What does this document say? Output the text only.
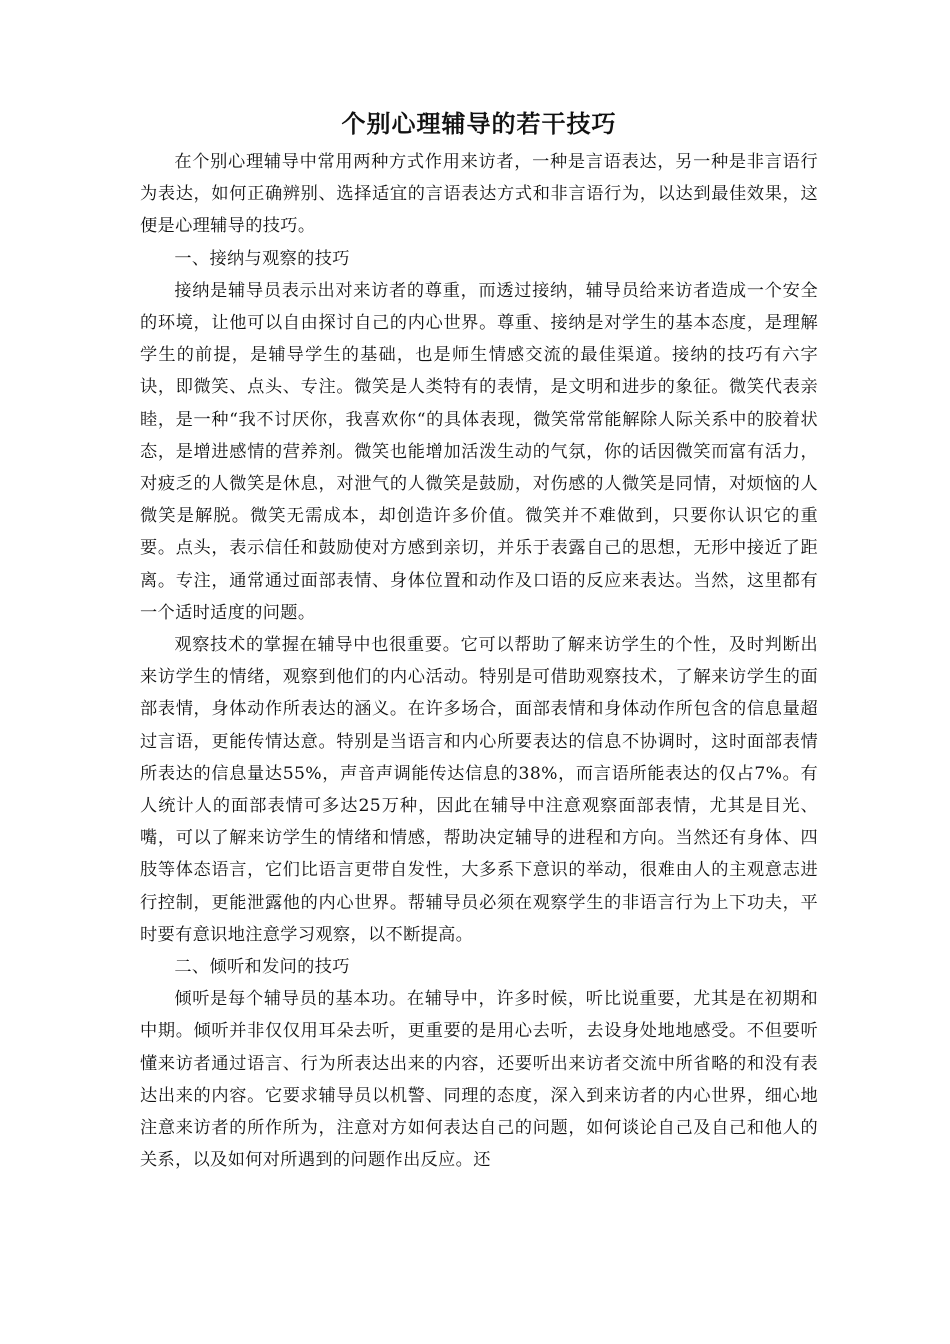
个别心理辅导的若干技巧

在个别心理辅导中常用两种方式作用来访者，一种是言语表达，另一种是非言语行为表达，如何正确辨别、选择适宜的言语表达方式和非言语行为，以达到最佳效果，这便是心理辅导的技巧。

一、接纳与观察的技巧

接纳是辅导员表示出对来访者的尊重，而透过接纳，辅导员给来访者造成一个安全的环境，让他可以自由探讨自己的内心世界。尊重、接纳是对学生的基本态度，是理解学生的前提，是辅导学生的基础，也是师生情感交流的最佳渠道。接纳的技巧有六字诀，即微笑、点头、专注。微笑是人类特有的表情，是文明和进步的象征。微笑代表亲睦，是一种“我不讨厌你，我喜欢你“的具体表现，微笑常常能解除人际关系中的胶着状态，是增进感情的营养剂。微笑也能增加活泼生动的气氛，你的话因微笑而富有活力，对疲乏的人微笑是休息，对泄气的人微笑是鼓励，对伤感的人微笑是同情，对烦恼的人微笑是解脱。微笑无需成本，却创造许多价值。微笑并不难做到，只要你认识它的重要。点头，表示信任和鼓励使对方感到亲切，并乐于表露自己的思想，无形中接近了距离。专注，通常通过面部表情、身体位置和动作及口语的反应来表达。当然，这里都有一个适时适度的问题。

观察技术的掌握在辅导中也很重要。它可以帮助了解来访学生的个性，及时判断出来访学生的情绪，观察到他们的内心活动。特别是可借助观察技术，了解来访学生的面部表情，身体动作所表达的涵义。在许多场合，面部表情和身体动作所包含的信息量超过言语，更能传情达意。特别是当语言和内心所要表达的信息不协调时，这时面部表情所表达的信息量达55%，声音声调能传达信息的38%，而言语所能表达的仅占7%。有人统计人的面部表情可多达25万种，因此在辅导中注意观察面部表情，尤其是目光、嘴，可以了解来访学生的情绪和情感，帮助决定辅导的进程和方向。当然还有身体、四肢等体态语言，它们比语言更带自发性，大多系下意识的举动，很难由人的主观意志进行控制，更能泄露他的内心世界。帮辅导员必须在观察学生的非语言行为上下功夫，平时要有意识地注意学习观察，以不断提高。

二、倾听和发问的技巧

倾听是每个辅导员的基本功。在辅导中，许多时候，听比说重要，尤其是在初期和中期。倾听并非仅仅用耳朵去听，更重要的是用心去听，去设身处地地感受。不但要听懂来访者通过语言、行为所表达出来的内容，还要听出来访者交流中所省略的和没有表达出来的内容。它要求辅导员以机警、同理的态度，深入到来访者的内心世界，细心地注意来访者的所作所为，注意对方如何表达自己的问题，如何谈论自己及自己和他人的关系，以及如何对所遇到的问题作出反应。还
